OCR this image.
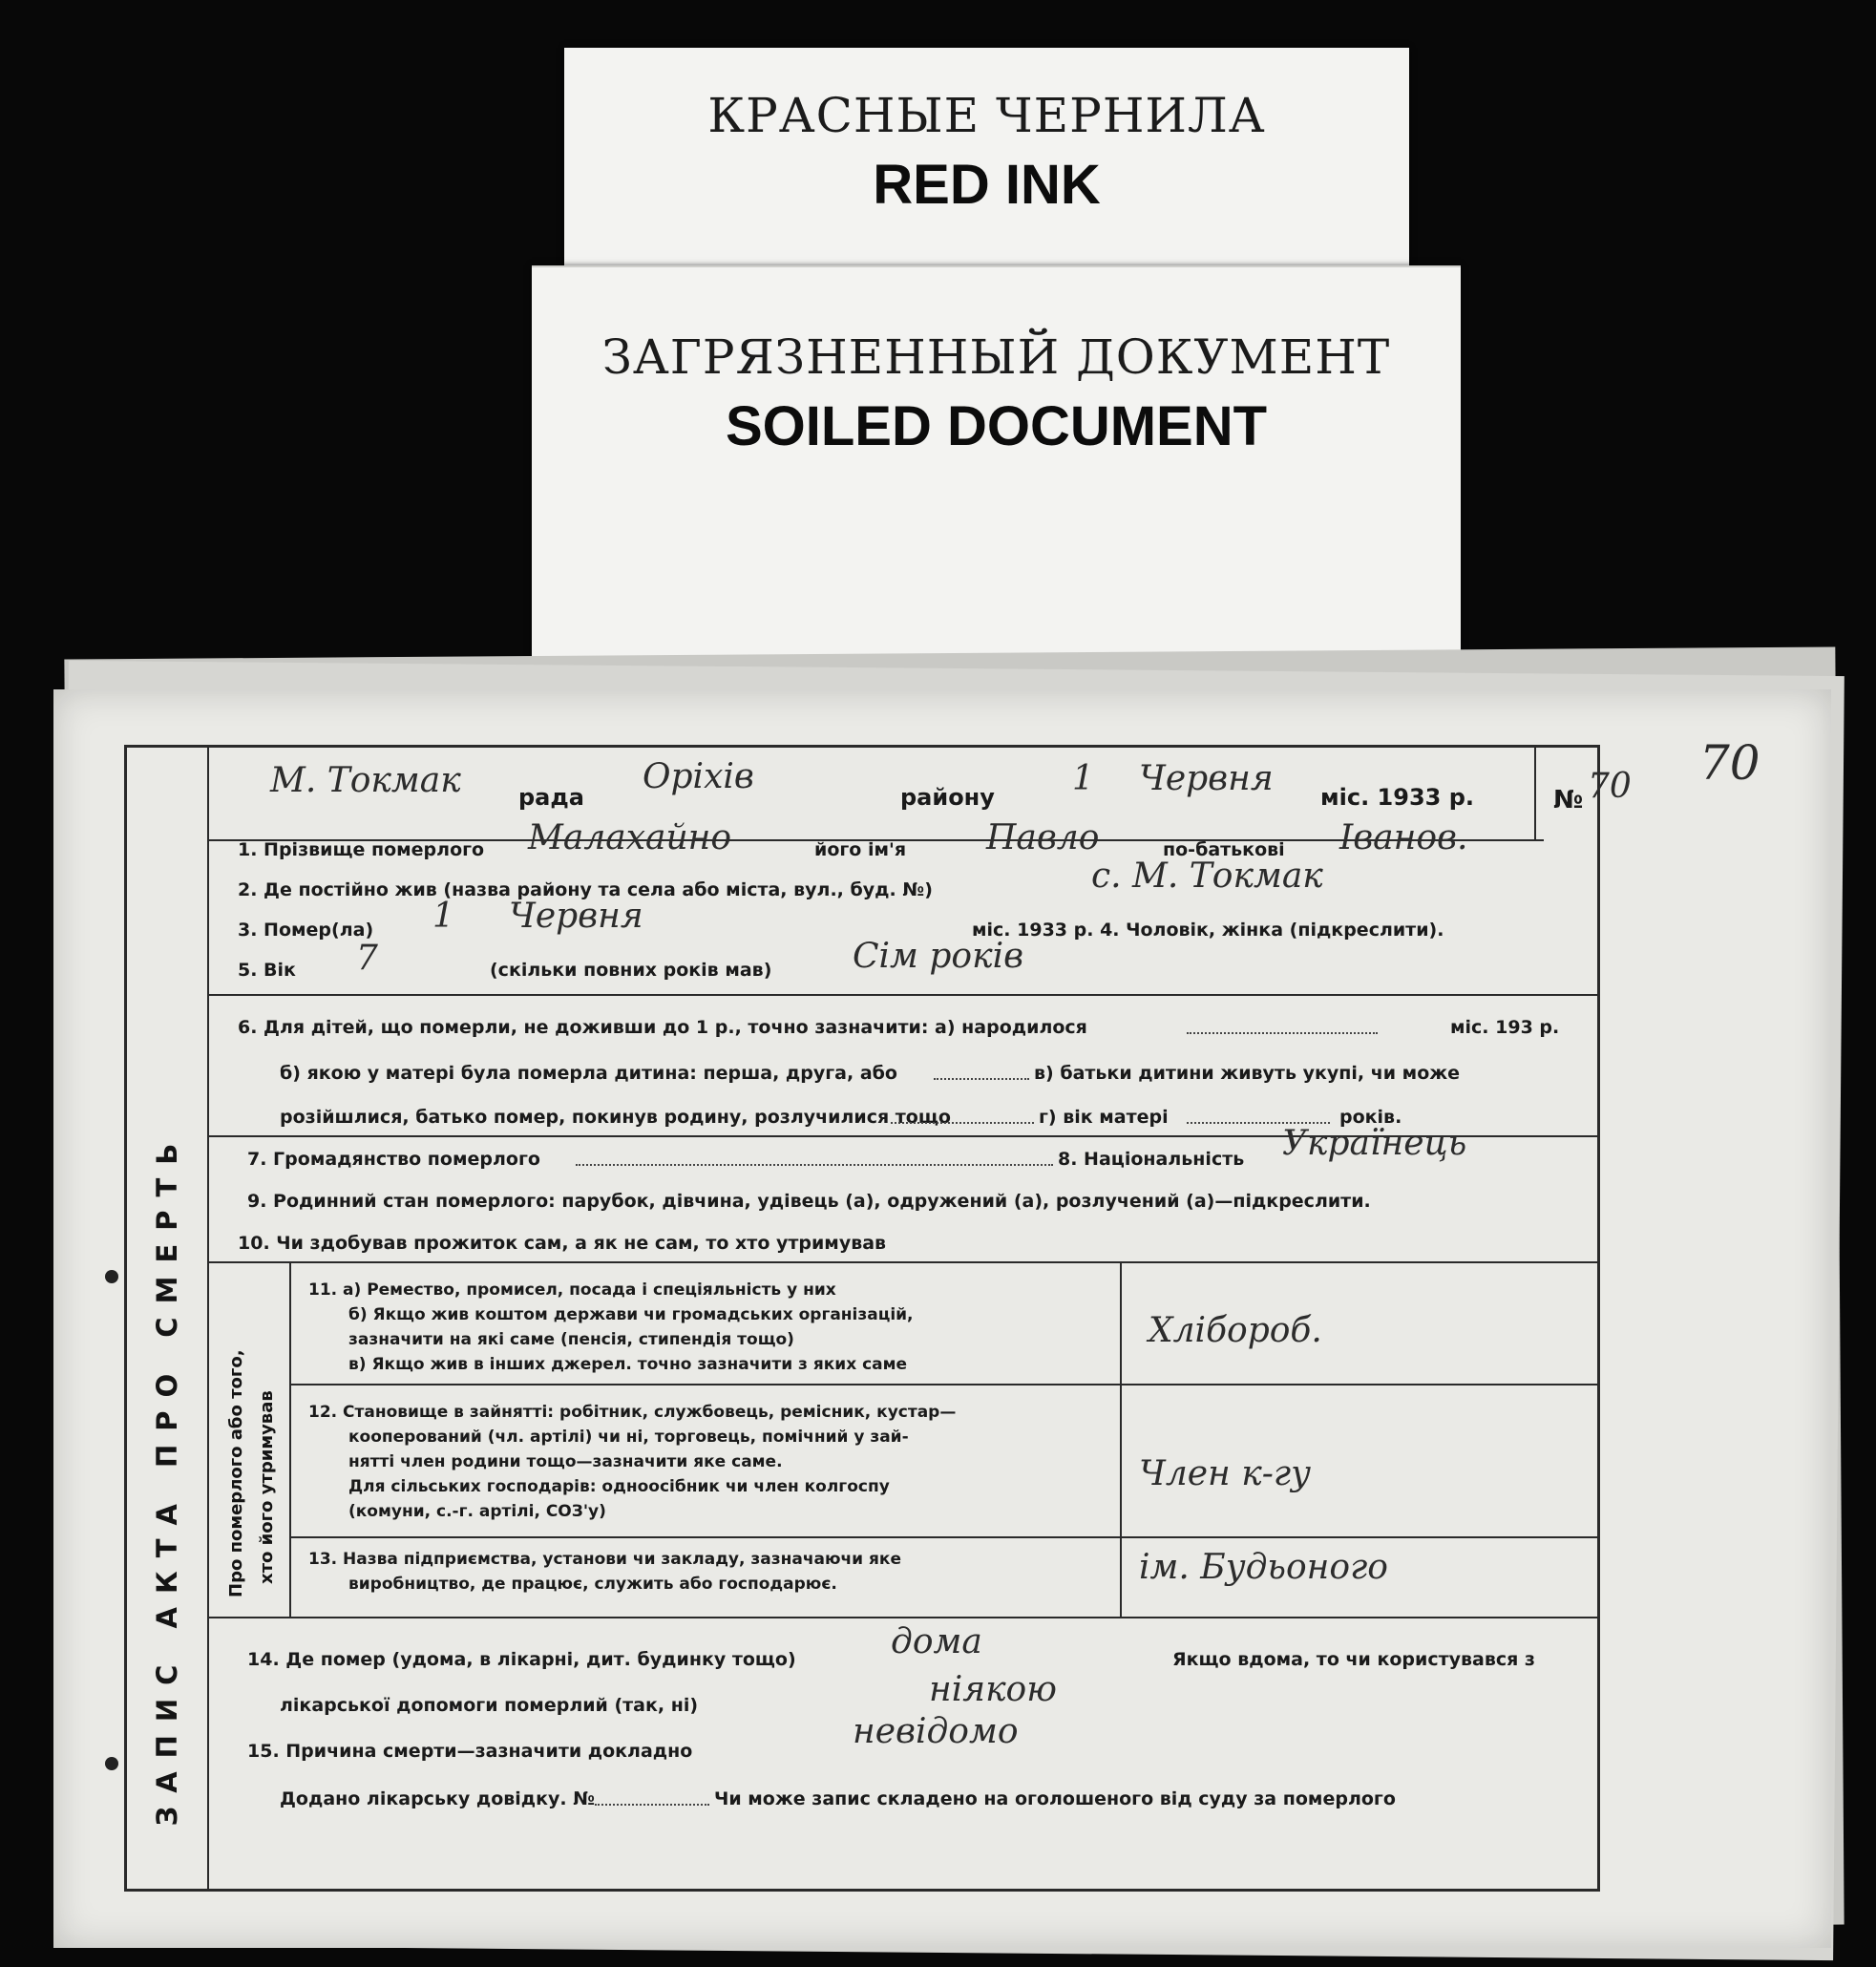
КРАСНЫЕ ЧЕРНИЛА
RED INK
ЗАГРЯЗНЕННЫЙ ДОКУМЕНТ
SOILED DOCUMENT
70
ЗАПИС АКТА ПРО СМЕРТЬ
М. Токмак	рада
Оріхів
району 1 Червня міс. 1933 р.	№ 70
1. Прізвище померлого Малахайно	його ім'я Павло	по-батькові Іванов.
2. Де постійно жив (назва району та села або міста, вул., буд. №)	с. М. Токмак
3. Помер(ла) 1 Червня	міс. 1933 р. 4. Чоловік, жінка (підкреслити).
5. Вік 7	(скільки повних років мав) Сім років
6. Для дітей, що померли, не доживши до 1 р., точно зазначити: а) народилося	міс. 193 р.
б) якою у матері була померла дитина: перша, друга, або	в) батьки дитини живуть укупі, чи може
розійшлися, батько помер, покинув родину, розлучилися тощо	г) вік матері	років.
7. Громадянство померлого	8. Національність Українець
9. Родинний стан померлого: парубок, дівчина, удівець (а), одружений (а), розлучений (а)—підкреслити.
10. Чи здобував прожиток сам, а як не сам, то хто утримував
Про померлого або того, хто його утримував
11. а) Ремество, промисел, посада і спеціяльність у них
б) Якщо жив коштом держави чи громадських організацій,
зазначити на які саме (пенсія, стипендія тощо)
в) Якщо жив в інших джерел. точно зазначити з яких саме
Хлібороб.
12. Становище в зайнятті: робітник, службовець, ремісник, кустар—
кооперований (чл. артілі) чи ні, торговець, помічний у зай-
нятті член родини тощо—зазначити яке саме.
Для сільських господарів: одноосібник чи член колгоспу
(комуни, с.-г. артілі, СОЗ'у)
Член к-гу
13. Назва підприємства, установи чи закладу, зазначаючи яке
виробництво, де працює, служить або господарює.	ім. Будьоного
14. Де помер (удома, в лікарні, дит. будинку тощо)	дома	Якщо вдома, то чи користувався з
лікарської допомоги померлий (так, ні)	ніякою
15. Причина смерти—зазначити докладно	невідомо
Додано лікарську довідку. №	Чи може запис складено на оголошеного від суду за померлого
